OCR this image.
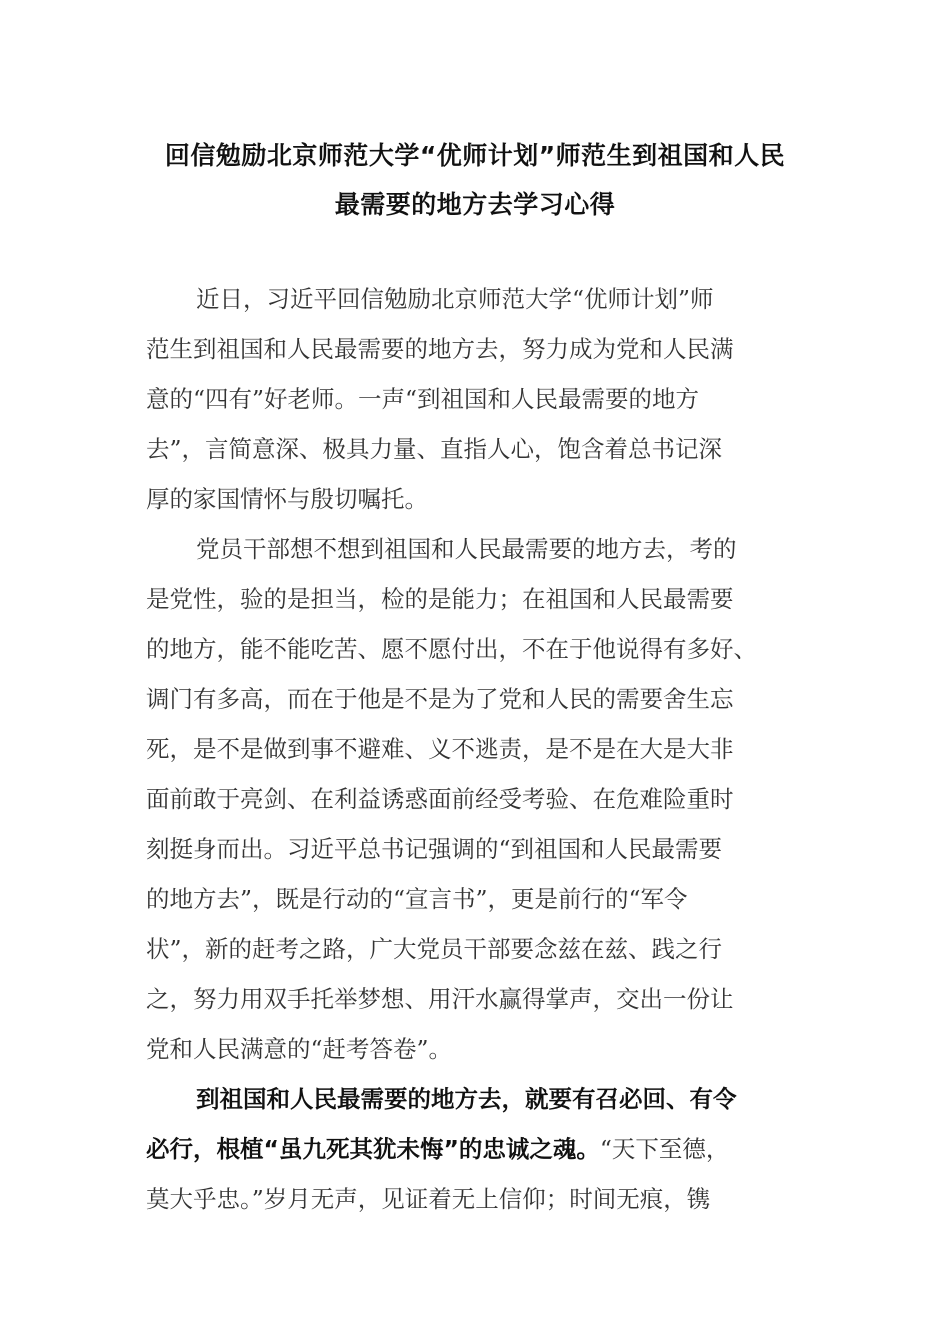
回信勉励北京师范大学“优师计划”师范生到祖国和人民
最需要的地方去学习心得
近日，习近平回信勉励北京师范大学“优师计划”师
范生到祖国和人民最需要的地方去，努力成为党和人民满
意的“四有”好老师。一声“到祖国和人民最需要的地方
去”，言简意深、极具力量、直指人心，饱含着总书记深
厚的家国情怀与殷切嘱托。
党员干部想不想到祖国和人民最需要的地方去，考的
是党性，验的是担当，检的是能力；在祖国和人民最需要
的地方，能不能吃苦、愿不愿付出，不在于他说得有多好、
调门有多高，而在于他是不是为了党和人民的需要舍生忘
死，是不是做到事不避难、义不逃责，是不是在大是大非
面前敢于亮剑、在利益诱惑面前经受考验、在危难险重时
刻挺身而出。习近平总书记强调的“到祖国和人民最需要
的地方去”，既是行动的“宣言书”，更是前行的“军令
状”，新的赶考之路，广大党员干部要念兹在兹、践之行
之，努力用双手托举梦想、用汗水赢得掌声，交出一份让
党和人民满意的“赶考答卷”。
到祖国和人民最需要的地方去，就要有召必回、有令
必行，根植“虽九死其犹未悔”的忠诚之魂。“天下至德，
莫大乎忠。”岁月无声，见证着无上信仰；时间无痕，镌
